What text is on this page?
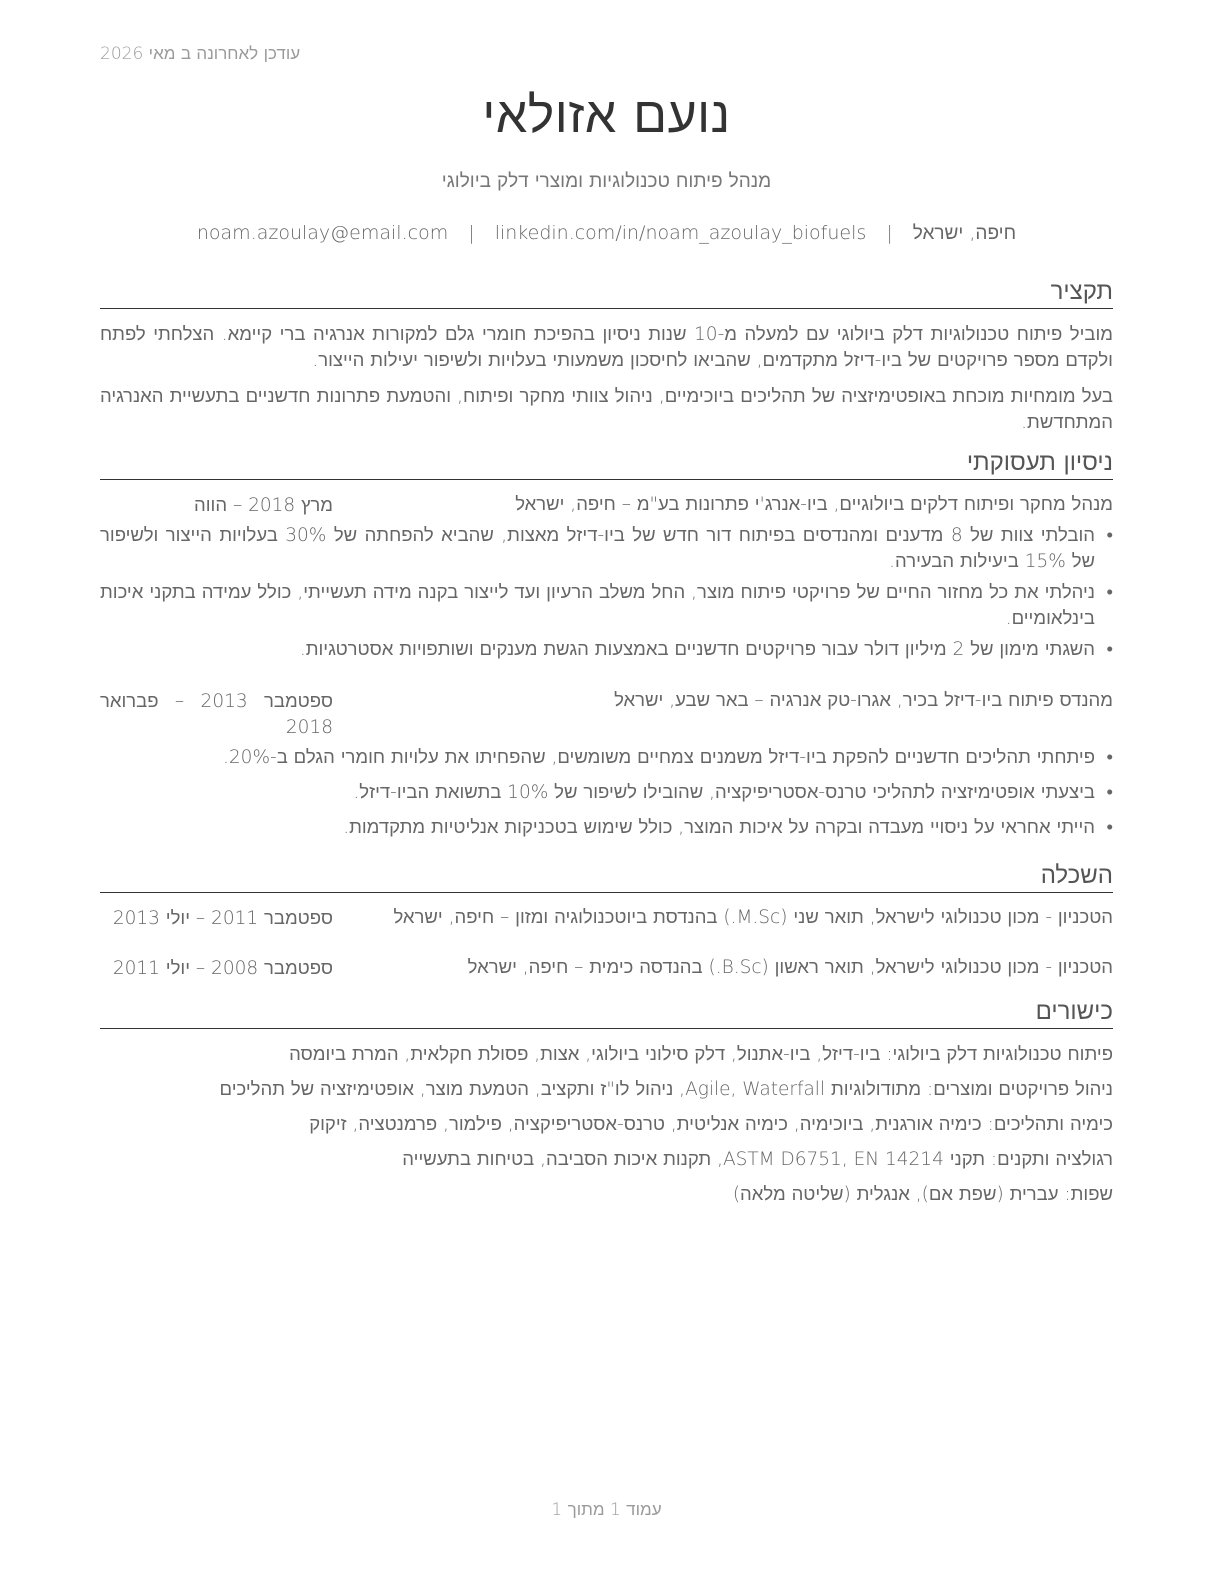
עודכן לאחרונה ב מאי 2026
נועם אזולאי
מנהל פיתוח טכנולוגיות ומוצרי דלק ביולוגי
חיפה, ישראל | noam.azoulay@email.com | linkedin.com/in/noam_azoulay_biofuels
תקציר

מוביל פיתוח טכנולוגיות דלק ביולוגי עם למעלה מ-10 שנות ניסיון בהפיכת חומרי גלם למקורות אנרגיה ברי קיימא. הצלחתי לפתח ולקדם מספר פרויקטים של ביו-דיזל מתקדמים, שהביאו לחיסכון משמעותי בעלויות ולשיפור יעילות הייצור.

בעל מומחיות מוכחת באופטימיזציה של תהליכים ביוכימיים, ניהול צוותי מחקר ופיתוח, והטמעת פתרונות חדשניים בתעשיית האנרגיה המתחדשת.

ניסיון תעסוקתי
מנהל מחקר ופיתוח דלקים ביולוגיים, ביו-אנרג'י פתרונות בע"מ – חיפה, ישראל
מרץ 2018 – הווה
• הובלתי צוות של 8 מדענים ומהנדסים בפיתוח דור חדש של ביו-דיזל מאצות, שהביא להפחתה של 30% בעלויות הייצור ולשיפור של 15% ביעילות הבעירה.
• ניהלתי את כל מחזור החיים של פרויקטי פיתוח מוצר, החל משלב הרעיון ועד לייצור בקנה מידה תעשייתי, כולל עמידה בתקני איכות בינלאומיים.
• השגתי מימון של 2 מיליון דולר עבור פרויקטים חדשניים באמצעות הגשת מענקים ושותפויות אסטרטגיות.
מהנדס פיתוח ביו-דיזל בכיר, אגרו-טק אנרגיה – באר שבע, ישראל
ספטמבר 2013 – פברואר 2018
• פיתחתי תהליכים חדשניים להפקת ביו-דיזל משמנים צמחיים משומשים, שהפחיתו את עלויות חומרי הגלם ב-20%.
• ביצעתי אופטימיזציה לתהליכי טרנס-אסטריפיקציה, שהובילו לשיפור של 10% בתשואת הביו-דיזל.
• הייתי אחראי על ניסויי מעבדה ובקרה על איכות המוצר, כולל שימוש בטכניקות אנליטיות מתקדמות.
השכלה
הטכניון - מכון טכנולוגי לישראל, תואר שני (M.Sc.) בהנדסת ביוטכנולוגיה ומזון – חיפה, ישראל
ספטמבר 2011 – יולי 2013
הטכניון - מכון טכנולוגי לישראל, תואר ראשון (B.Sc.) בהנדסה כימית – חיפה, ישראל
ספטמבר 2008 – יולי 2011
כישורים
פיתוח טכנולוגיות דלק ביולוגי: ביו-דיזל, ביו-אתנול, דלק סילוני ביולוגי, אצות, פסולת חקלאית, המרת ביומסה
ניהול פרויקטים ומוצרים: מתודולוגיות Agile, Waterfall, ניהול לו"ז ותקציב, הטמעת מוצר, אופטימיזציה של תהליכים
כימיה ותהליכים: כימיה אורגנית, ביוכימיה, כימיה אנליטית, טרנס-אסטריפיקציה, פילמור, פרמנטציה, זיקוק
רגולציה ותקנים: תקני ASTM D6751, EN 14214, תקנות איכות הסביבה, בטיחות בתעשייה
שפות: עברית (שפת אם), אנגלית (שליטה מלאה)
עמוד 1 מתוך 1
